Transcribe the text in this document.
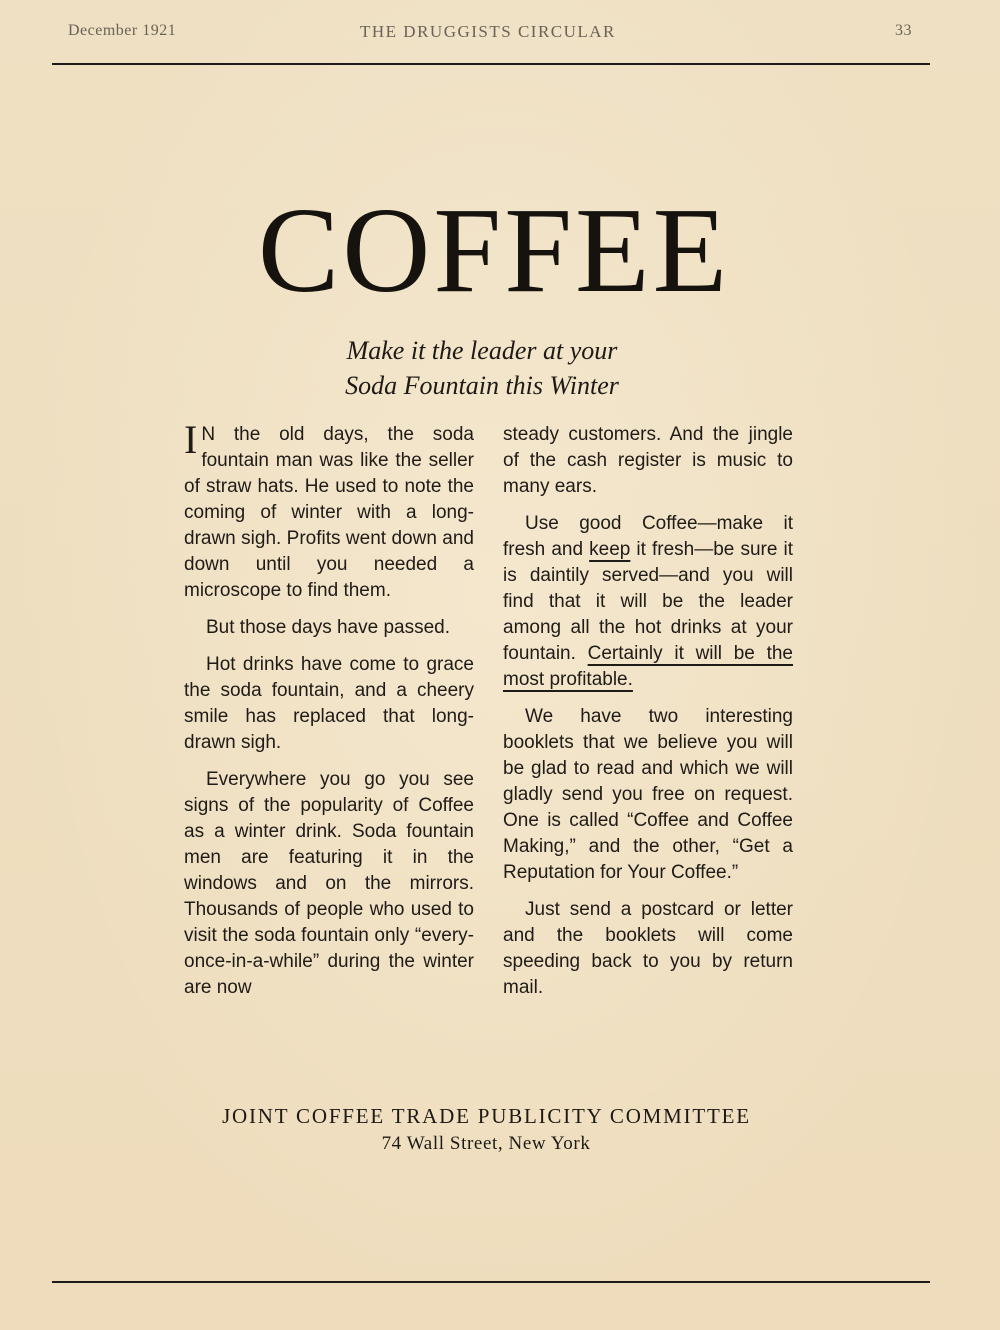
December 1921	THE DRUGGISTS CIRCULAR	33
COFFEE
Make it the leader at your
Soda Fountain this Winter

I N the old days, the soda fountain man was like the seller of straw hats. He used to note the coming of winter with a long-drawn sigh. Profits went down and down until you needed a microscope to find them.

But those days have passed.

Hot drinks have come to grace the soda fountain, and a cheery smile has replaced that long-drawn sigh.

Everywhere you go you see signs of the popularity of Coffee as a winter drink. Soda fountain men are featuring it in the windows and on the mirrors. Thousands of people who used to visit the soda fountain only “every-once-in-a-while” during the winter are now

steady customers. And the jingle of the cash register is music to many ears.

Use good Coffee—make it fresh and keep it fresh—be sure it is daintily served—and you will find that it will be the leader among all the hot drinks at your fountain. Certainly it will be the most profitable.

We have two interesting booklets that we believe you will be glad to read and which we will gladly send you free on request. One is called “Coffee and Coffee Making,” and the other, “Get a Reputation for Your Coffee.”

Just send a postcard or letter and the booklets will come speeding back to you by return mail.

JOINT COFFEE TRADE PUBLICITY COMMITTEE
74 Wall Street, New York
